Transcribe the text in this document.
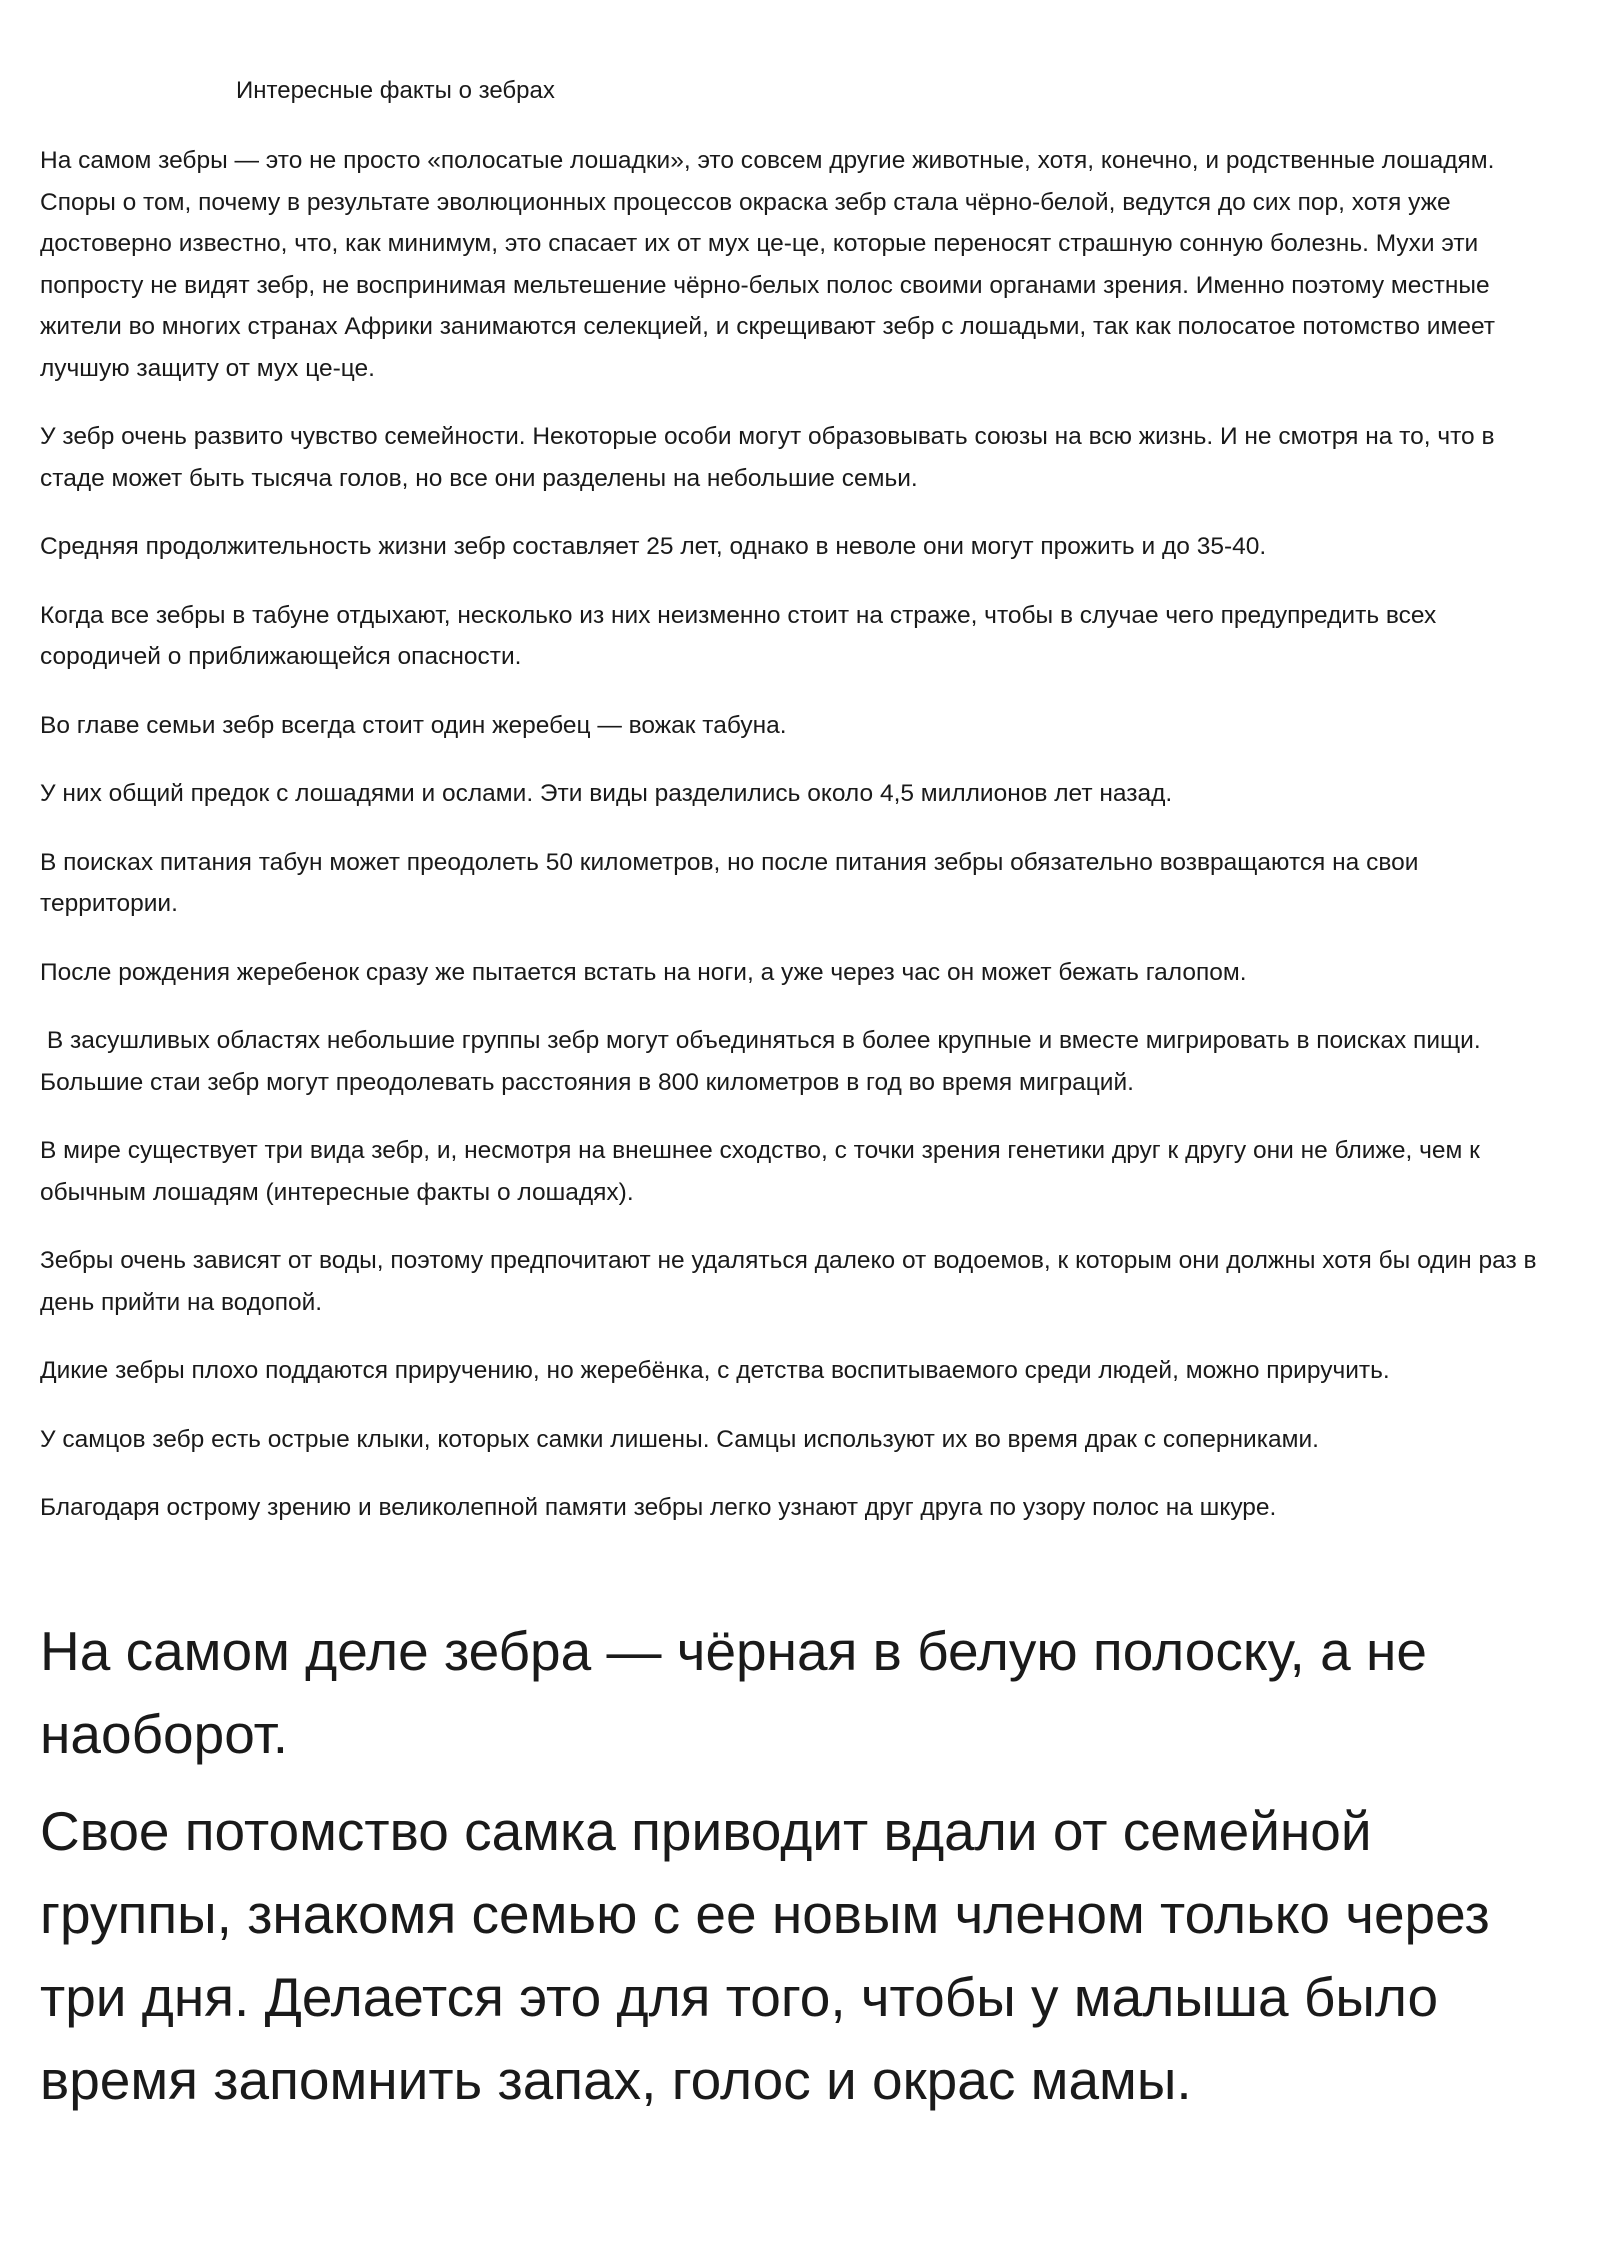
Интересные факты о зебрах

На самом зебры — это не просто «полосатые лошадки», это совсем другие животные, хотя, конечно, и родственные лошадям. Споры о том, почему в результате эволюционных процессов окраска зебр стала чёрно-белой, ведутся до сих пор, хотя уже достоверно известно, что, как минимум, это спасает их от мух це-це, которые переносят страшную сонную болезнь. Мухи эти попросту не видят зебр, не воспринимая мельтешение чёрно-белых полос своими органами зрения. Именно поэтому местные жители во многих странах Африки занимаются селекцией, и скрещивают зебр с лошадьми, так как полосатое потомство имеет лучшую защиту от мух це-це.

У зебр очень развито чувство семейности. Некоторые особи могут образовывать союзы на всю жизнь. И не смотря на то, что в стаде может быть тысяча голов, но все они разделены на небольшие семьи.

Средняя продолжительность жизни зебр составляет 25 лет, однако в неволе они могут прожить и до 35-40.

Когда все зебры в табуне отдыхают, несколько из них неизменно стоит на страже, чтобы в случае чего предупредить всех сородичей о приближающейся опасности.

Во главе семьи зебр всегда стоит один жеребец — вожак табуна.

У них общий предок с лошадями и ослами. Эти виды разделились около 4,5 миллионов лет назад.

В поисках питания табун может преодолеть 50 километров, но после питания зебры обязательно возвращаются на свои территории.

После рождения жеребенок сразу же пытается встать на ноги, а уже через час он может бежать галопом.

В засушливых областях небольшие группы зебр могут объединяться в более крупные и вместе мигрировать в поисках пищи. Большие стаи зебр могут преодолевать расстояния в 800 километров в год во время миграций.

В мире существует три вида зебр, и, несмотря на внешнее сходство, с точки зрения генетики друг к другу они не ближе, чем к обычным лошадям (интересные факты о лошадях).

Зебры очень зависят от воды, поэтому предпочитают не удаляться далеко от водоемов, к которым они должны хотя бы один раз в день прийти на водопой.

Дикие зебры плохо поддаются приручению, но жеребёнка, с детства воспитываемого среди людей, можно приручить.

У самцов зебр есть острые клыки, которых самки лишены. Самцы используют их во время драк с соперниками.

Благодаря острому зрению и великолепной памяти зебры легко узнают друг друга по узору полос на шкуре.

На самом деле зебра — чёрная в белую полоску, а не наоборот.

Свое потомство самка приводит вдали от семейной группы, знакомя семью с ее новым членом только через три дня. Делается это для того, чтобы у малыша было время запомнить запах, голос и окрас мамы.
